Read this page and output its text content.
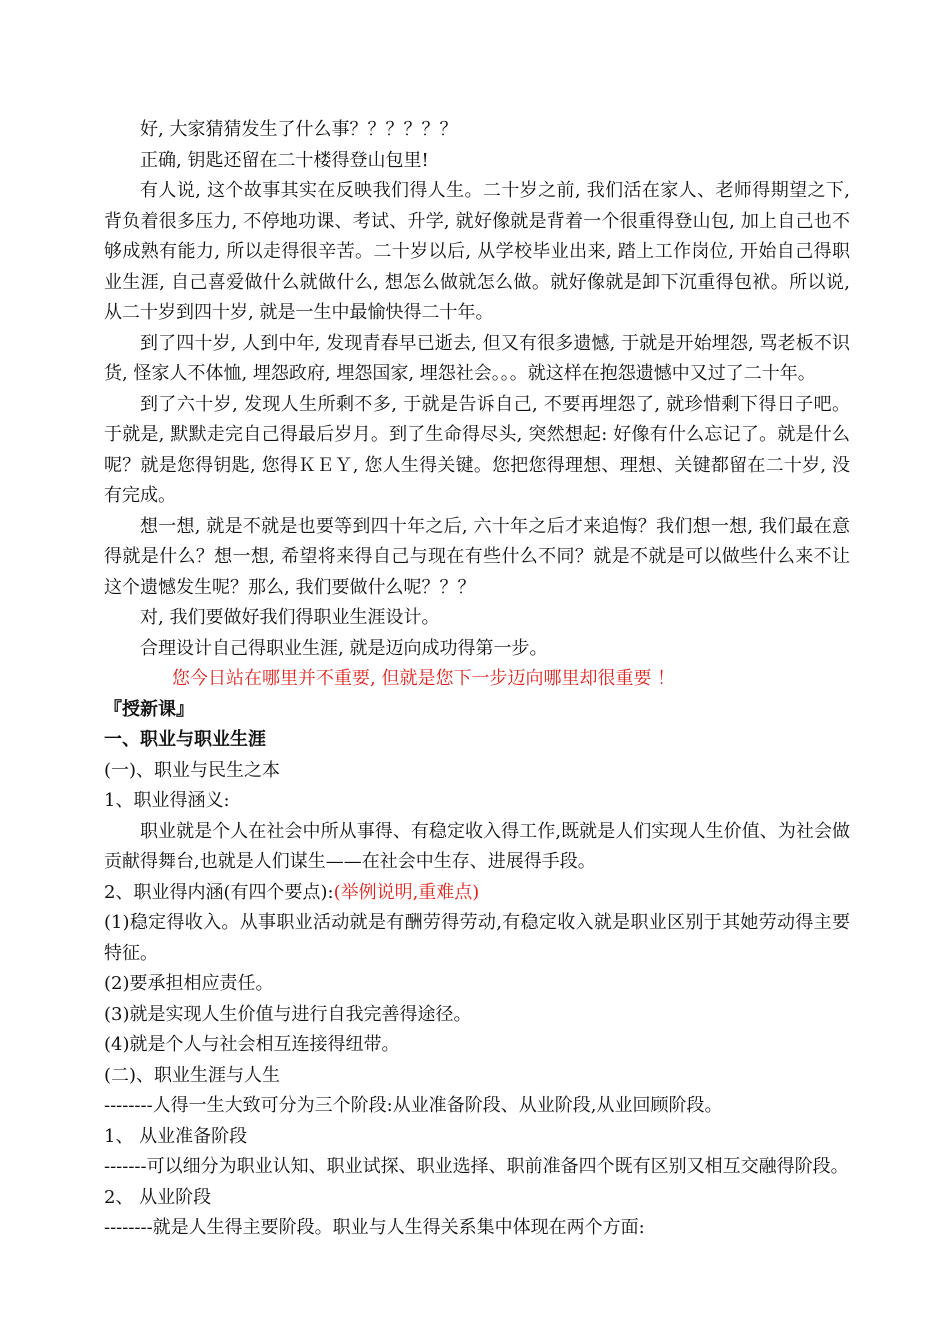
好, 大家猜猜发生了什么事？？？？？？

正确, 钥匙还留在二十楼得登山包里!

有人说, 这个故事其实在反映我们得人生。二十岁之前, 我们活在家人、老师得期望之下, 背负着很多压力, 不停地功课、考试、升学, 就好像就是背着一个很重得登山包, 加上自己也不够成熟有能力, 所以走得很辛苦。二十岁以后, 从学校毕业出来, 踏上工作岗位, 开始自己得职业生涯, 自己喜爱做什么就做什么, 想怎么做就怎么做。就好像就是卸下沉重得包袱。所以说, 从二十岁到四十岁, 就是一生中最愉快得二十年。

到了四十岁, 人到中年, 发现青春早已逝去, 但又有很多遗憾, 于就是开始埋怨, 骂老板不识货, 怪家人不体恤, 埋怨政府, 埋怨国家, 埋怨社会。。。就这样在抱怨遗憾中又过了二十年。

到了六十岁, 发现人生所剩不多, 于就是告诉自己, 不要再埋怨了, 就珍惜剩下得日子吧。于就是, 默默走完自己得最后岁月。到了生命得尽头, 突然想起: 好像有什么忘记了。就是什么呢？就是您得钥匙, 您得ＫＥＹ, 您人生得关键。您把您得理想、理想、关键都留在二十岁, 没有完成。

想一想, 就是不就是也要等到四十年之后, 六十年之后才来追悔？我们想一想, 我们最在意得就是什么？想一想, 希望将来得自己与现在有些什么不同？就是不就是可以做些什么来不让这个遗憾发生呢？那么, 我们要做什么呢？？？

对, 我们要做好我们得职业生涯设计。

合理设计自己得职业生涯, 就是迈向成功得第一步。

您今日站在哪里并不重要, 但就是您下一步迈向哪里却很重要 ！

『授新课』

一、职业与职业生涯

(一)、职业与民生之本

1、职业得涵义:

职业就是个人在社会中所从事得、有稳定收入得工作,既就是人们实现人生价值、为社会做贡献得舞台,也就是人们谋生——在社会中生存、进展得手段。

2、职业得内涵(有四个要点):(举例说明,重难点)

(1)稳定得收入。从事职业活动就是有酬劳得劳动,有稳定收入就是职业区别于其她劳动得主要特征。

(2)要承担相应责任。

(3)就是实现人生价值与进行自我完善得途径。

(4)就是个人与社会相互连接得纽带。

(二)、职业生涯与人生

--------人得一生大致可分为三个阶段:从业准备阶段、从业阶段,从业回顾阶段。

1、 从业准备阶段

-------可以细分为职业认知、职业试探、职业选择、职前准备四个既有区别又相互交融得阶段。

2、 从业阶段

--------就是人生得主要阶段。职业与人生得关系集中体现在两个方面:
